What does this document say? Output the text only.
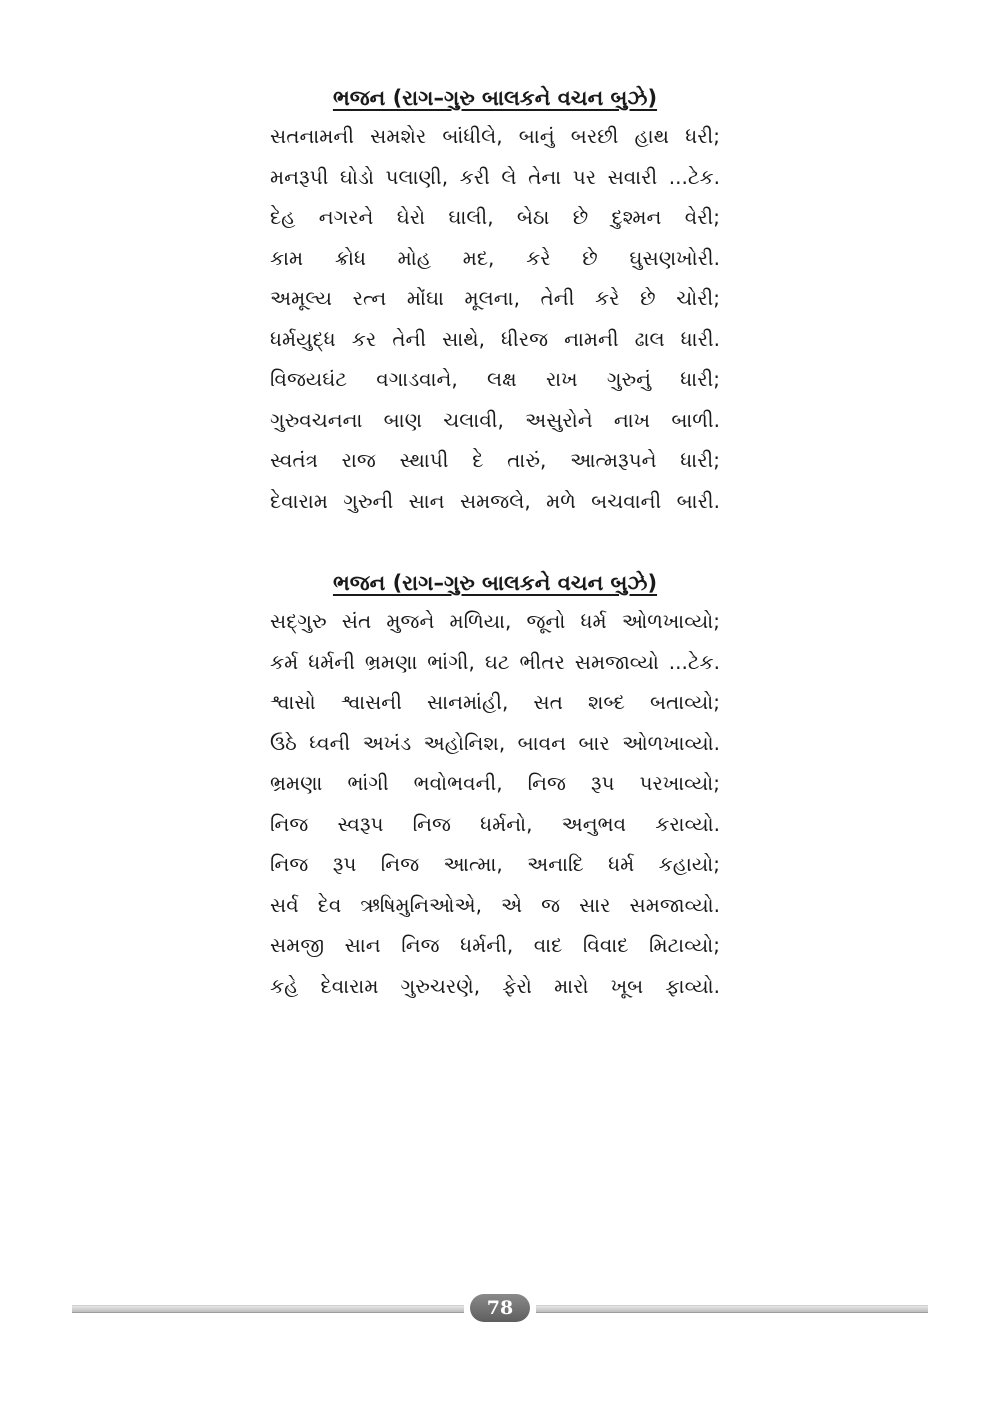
ભજન (રાગ–ગુરુ બાલકને વચન બુઝે)
સતનામની સમશેર બાંધીલે, બાનું બરછી હાથ ધરી;
મનરૂપી ઘોડો પલાણી, કરી લે તેના પર સવારી ...ટેક.
દેહ નગરને ઘેરો ઘાલી, બેઠા છે દુશ્મન વેરી;
કામ ક્રોધ મોહ મદ, કરે છે ઘુસણખોરી.
અમૂલ્ય રત્ન મોંઘા મૂલના, તેની કરે છે ચોરી;
ધર્મયુદ્ધ કર તેની સાથે, ધીરજ નામની ઢાલ ધારી.
વિજયઘંટ વગાડવાને, લક્ષ રાખ ગુરુનું ધારી;
ગુરુવચનના બાણ ચલાવી, અસુરોને નાખ બાળી.
સ્વતંત્ર રાજ સ્થાપી દે તારું, આત્મરૂપને ધારી;
દેવારામ ગુરુની સાન સમજલે, મળે બચવાની બારી.
ભજન (રાગ–ગુરુ બાલકને વચન બુઝે)
સદ્‌ગુરુ સંત મુજને મળિયા, જૂનો ધર્મ ઓળખાવ્યો;
કર્મ ધર્મની ભ્રમણા ભાંગી, ઘટ ભીતર સમજાવ્યો ...ટેક.
શ્વાસો શ્વાસની સાનમાંહી, સત શબ્દ બતાવ્યો;
ઉઠે ધ્વની અખંડ અહોનિશ, બાવન બાર ઓળખાવ્યો.
ભ્રમણા ભાંગી ભવોભવની, નિજ રૂપ પરખાવ્યો;
નિજ સ્વરૂપ નિજ ધર્મનો, અનુભવ કરાવ્યો.
નિજ રૂપ નિજ આત્મા, અનાદિ ધર્મ કહાયો;
સર્વ દેવ ઋષિમુનિઓએ, એ જ સાર સમજાવ્યો.
સમજી સાન નિજ ધર્મની, વાદ વિવાદ મિટાવ્યો;
કહે દેવારામ ગુરુચરણે, ફેરો મારો ખૂબ ફાવ્યો.
78
